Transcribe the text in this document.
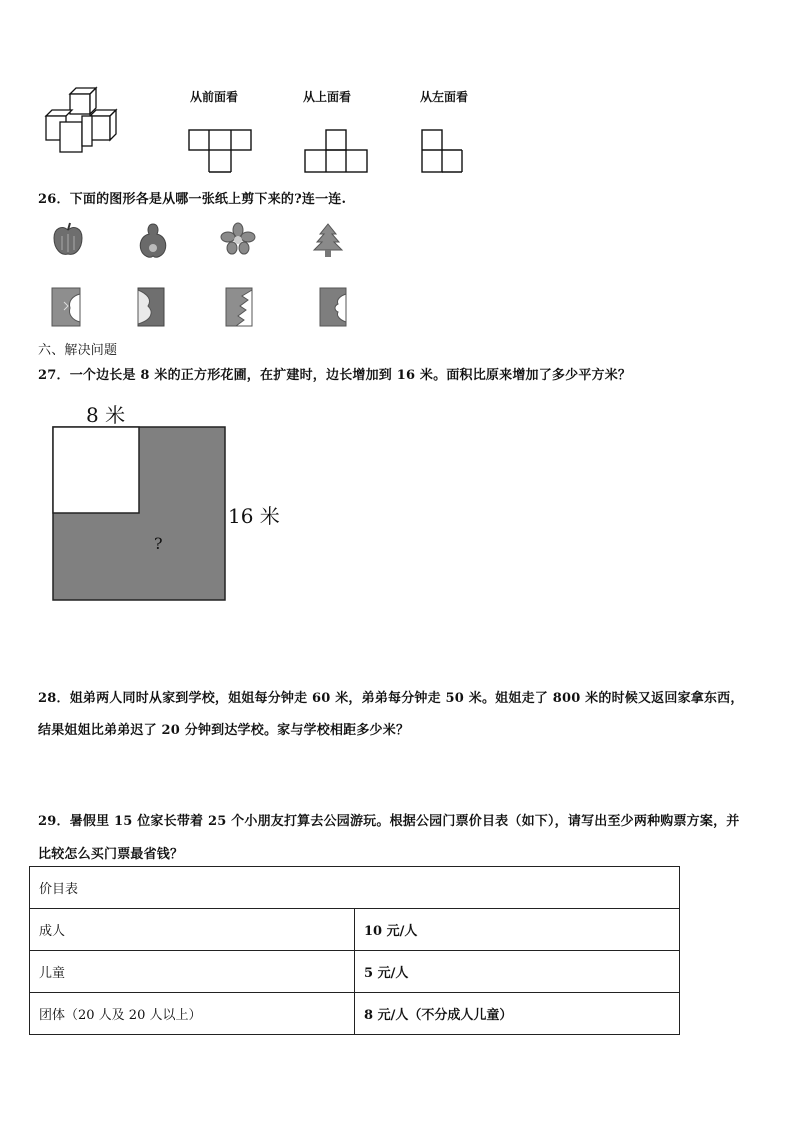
从前面看	从上面看	从左面看
26．下面的图形各是从哪一张纸上剪下来的?连一连.
六、解决问题
27．一个边长是 8 米的正方形花圃，在扩建时，边长增加到 16 米。面积比原来增加了多少平方米？
8 米
?
16 米
28．姐弟两人同时从家到学校，姐姐每分钟走 60 米，弟弟每分钟走 50 米。姐姐走了 800 米的时候又返回家拿东西，
结果姐姐比弟弟迟了 20 分钟到达学校。家与学校相距多少米？
29．暑假里 15 位家长带着 25 个小朋友打算去公园游玩。根据公园门票价目表（如下），请写出至少两种购票方案，并
比较怎么买门票最省钱？
价目表	
成人	10 元/人
儿童	5 元/人
团体（20 人及 20 人以上）	8 元/人（不分成人儿童）
